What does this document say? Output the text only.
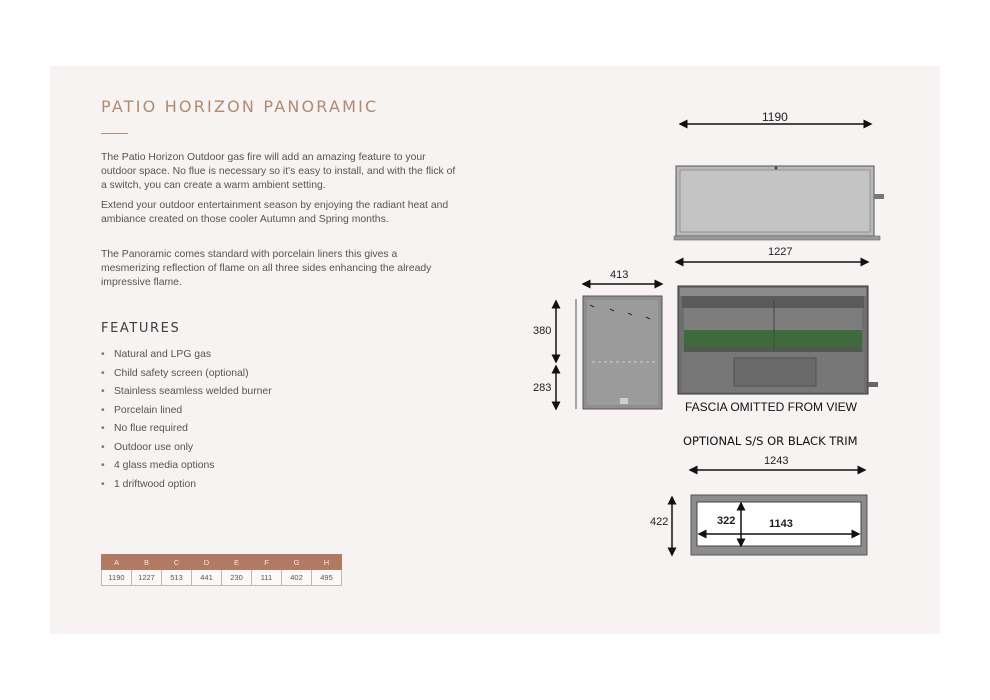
PATIO HORIZON PANORAMIC

The Patio Horizon Outdoor gas fire will add an amazing feature to your outdoor space. No flue is necessary so it's easy to install, and with the flick of a switch, you can create a warm ambient setting.

Extend your outdoor entertainment season by enjoying the radiant heat and ambiance created on those cooler Autumn and Spring months.

The Panoramic comes standard with porcelain liners this gives a mesmerizing reflection of flame on all three sides enhancing the already impressive flame.

FEATURES
• Natural and LPG gas
• Child safety screen (optional)
• Stainless seamless welded burner
• Porcelain lined
• No flue required
• Outdoor use only
• 4 glass media options
• 1 driftwood option
A	B	C	D	E	F	G	H
1190	1227	513	441	230	111	402	495
1190
1227
413
380
283
FASCIA OMITTED FROM VIEW
OPTIONAL S/S OR BLACK TRIM
1243
422	322	1143
